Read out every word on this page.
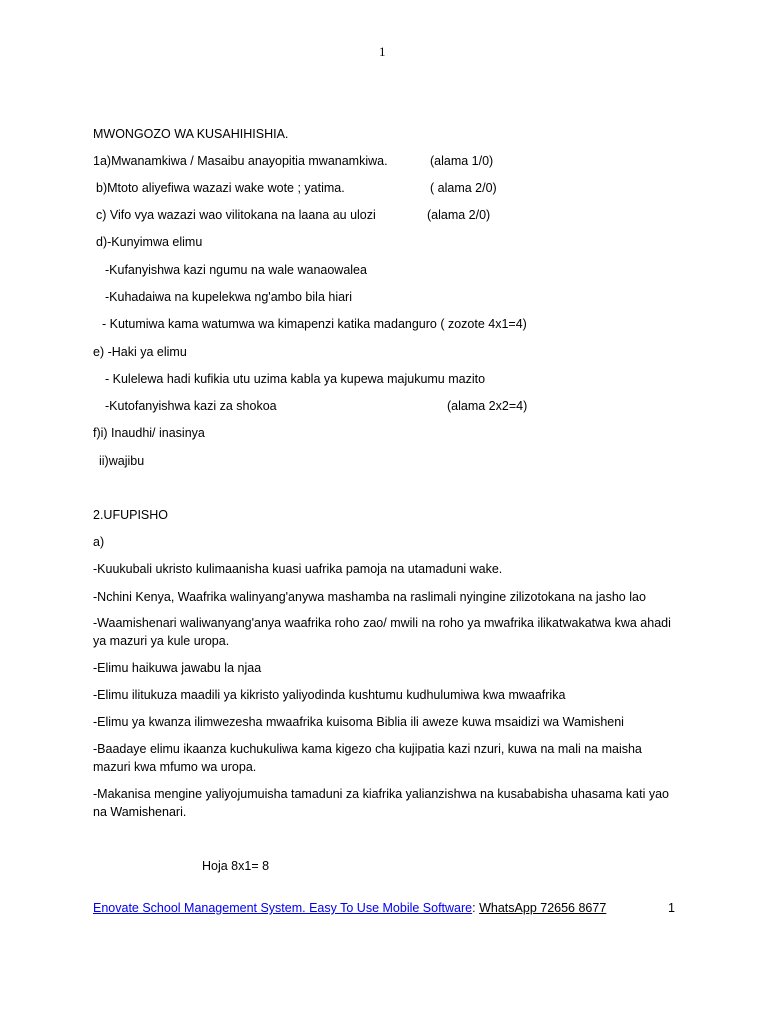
1
MWONGOZO WA KUSAHIHISHIA.
1a)Mwanamkiwa / Masaibu anayopitia mwanamkiwa.	(alama 1/0)
b)Mtoto aliyefiwa wazazi wake wote ; yatima.	( alama 2/0)
c) Vifo vya wazazi wao vilitokana na laana au ulozi	(alama 2/0)
d)-Kunyimwa elimu
-Kufanyishwa kazi ngumu na wale wanaowalea
-Kuhadaiwa na kupelekwa ng'ambo bila hiari
- Kutumiwa kama watumwa wa kimapenzi katika madanguro ( zozote 4x1=4)
e) -Haki ya elimu
- Kulelewa hadi kufikia utu uzima kabla ya kupewa majukumu mazito
-Kutofanyishwa kazi za shokoa	(alama 2x2=4)
f)i) Inaudhi/ inasinya
ii)wajibu
2.UFUPISHO
a)
-Kuukubali ukristo kulimaanisha kuasi uafrika pamoja na utamaduni wake.
-Nchini Kenya, Waafrika walinyang'anywa mashamba na raslimali nyingine zilizotokana na jasho lao
-Waamishenari waliwanyang'anya waafrika roho zao/ mwili na roho ya mwafrika ilikatwakatwa kwa ahadi ya mazuri ya kule uropa.
-Elimu haikuwa jawabu la njaa
-Elimu ilitukuza maadili ya kikristo yaliyodinda kushtumu kudhulumiwa kwa mwaafrika
-Elimu ya kwanza ilimwezesha mwaafrika kuisoma Biblia ili aweze kuwa msaidizi wa Wamisheni
-Baadaye elimu ikaanza kuchukuliwa kama kigezo cha kujipatia kazi nzuri, kuwa na mali na maisha mazuri kwa mfumo wa uropa.
-Makanisa mengine yaliyojumuisha tamaduni za kiafrika yalianzishwa na kusababisha uhasama kati yao na Wamishenari.
Hoja 8x1= 8
Enovate School Management System. Easy To Use Mobile Software: WhatsApp 72656 8677	1
